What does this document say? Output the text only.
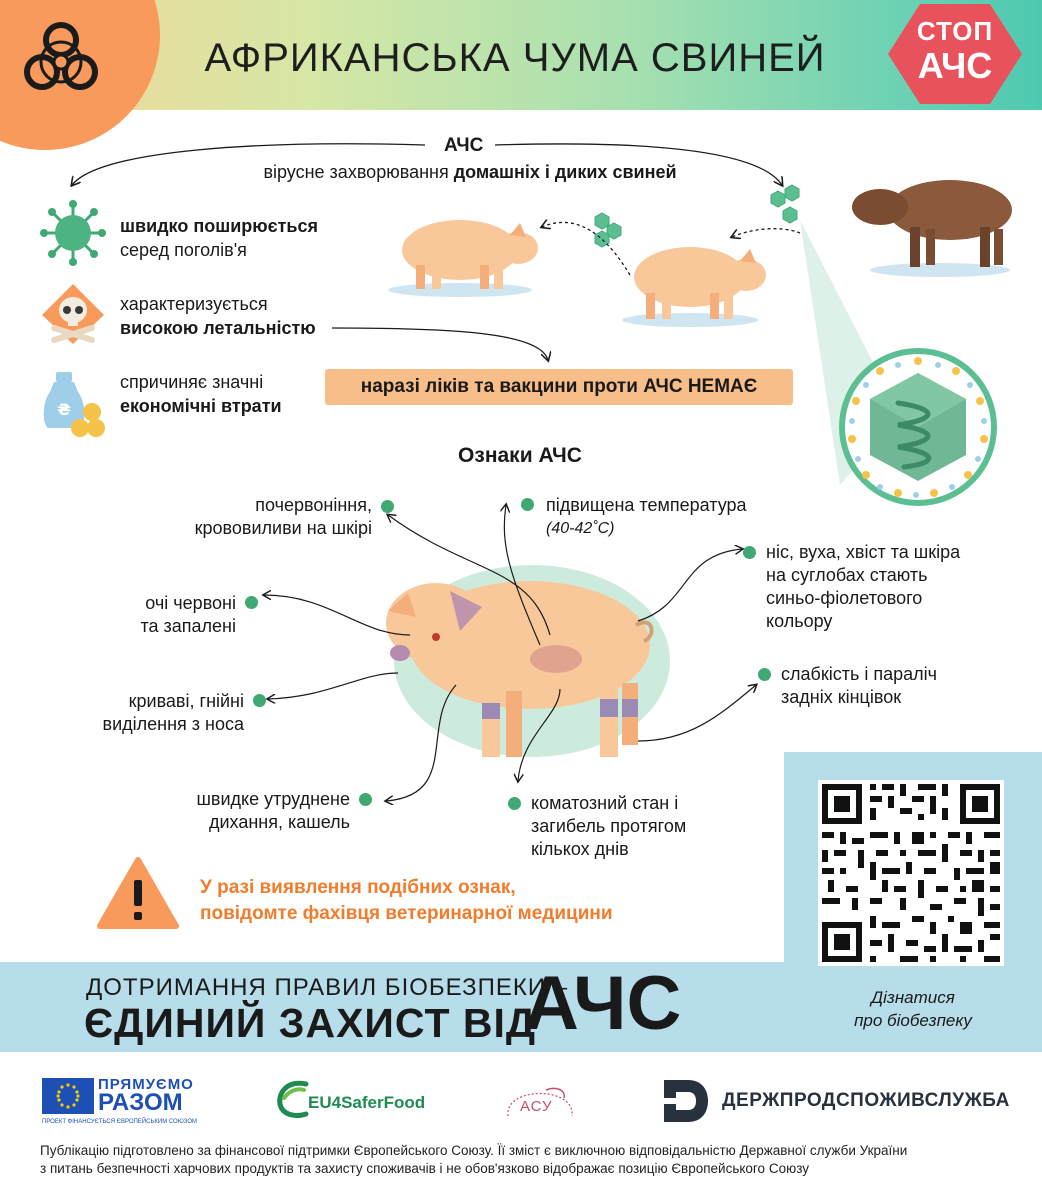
АФРИКАНСЬКА ЧУМА СВИНЕЙ
СТОП
АЧС
АЧС
вірусне захворювання домашніх і диких свиней
швидко поширюється
серед поголів'я
характеризується
високою летальністю
₴
спричиняє значні
економічні втрати
наразі ліків та вакцини проти АЧС НЕМАЄ
Ознаки АЧС
почервоніння,
крововиливи на шкірі
підвищена температура
(40-42˚C)
очі червоні
та запалені
ніс, вуха, хвіст та шкіра
на суглобах стають
синьо-фіолетового
кольору
криваві, гнійні
виділення з носа
слабкість і параліч
задніх кінцівок
швидке утруднене
дихання, кашель
коматозний стан і
загибель протягом
кількох днів
У разі виявлення подібних ознак,
повідомте фахівця ветеринарної медицини
ДОТРИМАННЯ ПРАВИЛ БІОБЕЗПЕКИ –
ЄДИНИЙ ЗАХИСТ ВІД
АЧС	Дізнатися
про біобезпеку
ПРЯМУЄМО
РАЗОМ
ПРОЕКТ ФІНАНСУЄТЬСЯ ЄВРОПЕЙСЬКИМ СОЮЗОМ
EU4SaferFood	АСУ	ДЕРЖПРОДСПОЖИВСЛУЖБА
Публікацію підготовлено за фінансової підтримки Європейського Союзу. Її зміст є виключною відповідальністю Державної служби України
з питань безпечності харчових продуктів та захисту споживачів і не обов'язково відображає позицію Європейського Союзу
